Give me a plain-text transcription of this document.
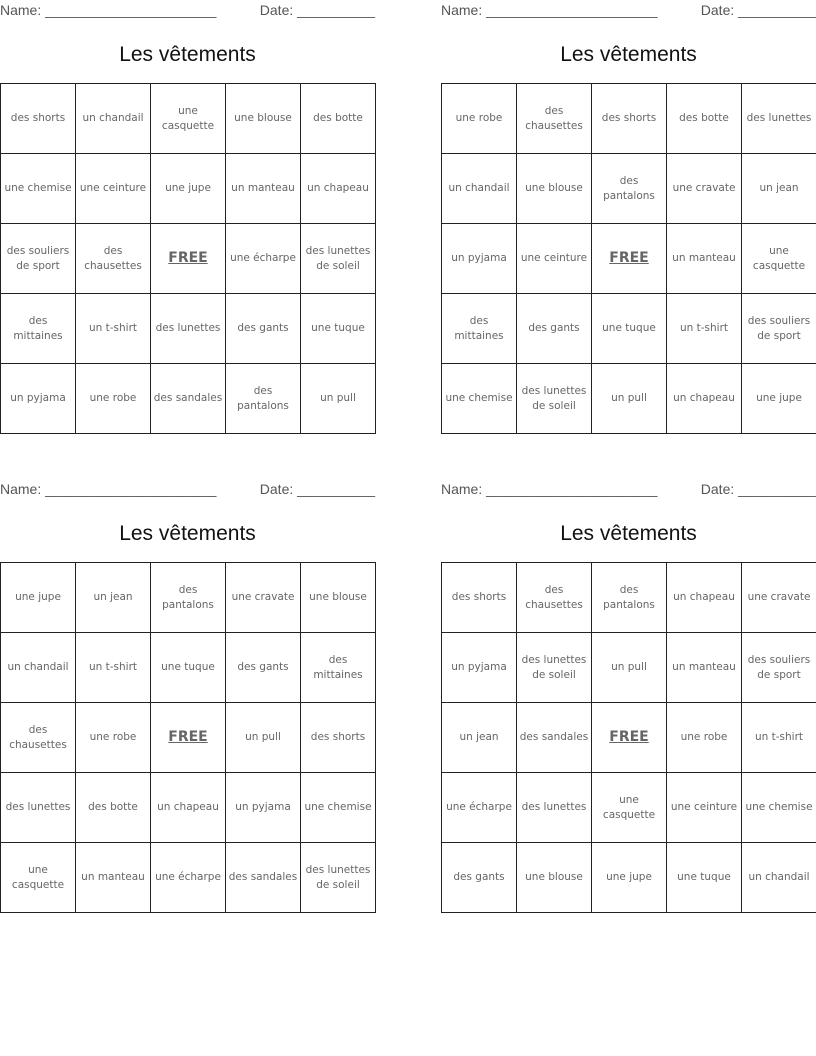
Name: ______________________	Date: __________
Les vêtements
des shorts	un chandail	une casquette	une blouse	des botte
une chemise	une ceinture	une jupe	un manteau	un chapeau
des souliers de sport	des chausettes	FREE	une écharpe	des lunettes de soleil
des mittaines	un t-shirt	des lunettes	des gants	une tuque
un pyjama	une robe	des sandales	des pantalons	un pull
Name: ______________________	Date: __________
Les vêtements
une robe	des chausettes	des shorts	des botte	des lunettes
un chandail	une blouse	des pantalons	une cravate	un jean
un pyjama	une ceinture	FREE	un manteau	une casquette
des mittaines	des gants	une tuque	un t-shirt	des souliers de sport
une chemise	des lunettes de soleil	un pull	un chapeau	une jupe
Name: ______________________	Date: __________
Les vêtements
une jupe	un jean	des pantalons	une cravate	une blouse
un chandail	un t-shirt	une tuque	des gants	des mittaines
des chausettes	une robe	FREE	un pull	des shorts
des lunettes	des botte	un chapeau	un pyjama	une chemise
une casquette	un manteau	une écharpe	des sandales	des lunettes de soleil
Name: ______________________	Date: __________
Les vêtements
des shorts	des chausettes	des pantalons	un chapeau	une cravate
un pyjama	des lunettes de soleil	un pull	un manteau	des souliers de sport
un jean	des sandales	FREE	une robe	un t-shirt
une écharpe	des lunettes	une casquette	une ceinture	une chemise
des gants	une blouse	une jupe	une tuque	un chandail
